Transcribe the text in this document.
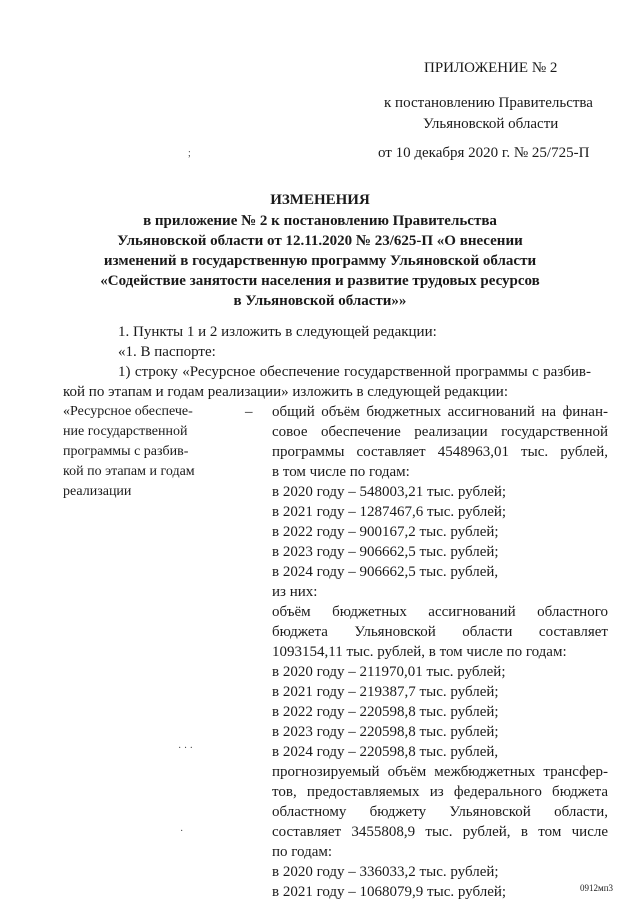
ПРИЛОЖЕНИЕ № 2
к постановлению Правительства
Ульяновской области
;	от 10 декабря 2020 г. № 25/725-П
ИЗМЕНЕНИЯ
в приложение № 2 к постановлению Правительства
Ульяновской области от 12.11.2020 № 23/625-П «О внесении
изменений в государственную программу Ульяновской области
«Содействие занятости населения и развитие трудовых ресурсов
в Ульяновской области»»
1. Пункты 1 и 2 изложить в следующей редакции:
«1. В паспорте:
1) строку «Ресурсное обеспечение государственной программы с разбив-
кой по этапам и годам реализации» изложить в следующей редакции:
«Ресурсное обеспече-
ние государственной
программы с разбив-
кой по этапам и годам
реализации
– общий объём бюджетных ассигнований на финан-
совое обеспечение реализации государственной
программы составляет 4548963,01 тыс. рублей,
в том числе по годам:
в 2020 году – 548003,21 тыс. рублей;
в 2021 году – 1287467,6 тыс. рублей;
в 2022 году – 900167,2 тыс. рублей;
в 2023 году – 906662,5 тыс. рублей;
в 2024 году – 906662,5 тыс. рублей,
из них:
объём бюджетных ассигнований областного
бюджета Ульяновской области составляет
1093154,11 тыс. рублей, в том числе по годам:
в 2020 году – 211970,01 тыс. рублей;
в 2021 году – 219387,7 тыс. рублей;
в 2022 году – 220598,8 тыс. рублей;
в 2023 году – 220598,8 тыс. рублей;
в 2024 году – 220598,8 тыс. рублей,
прогнозируемый объём межбюджетных трансфер-
тов, предоставляемых из федерального бюджета
областному бюджету Ульяновской области,
составляет 3455808,9 тыс. рублей, в том числе
по годам:
в 2020 году – 336033,2 тыс. рублей;
в 2021 году – 1068079,9 тыс. рублей;
· · ·
·
0912мп3
